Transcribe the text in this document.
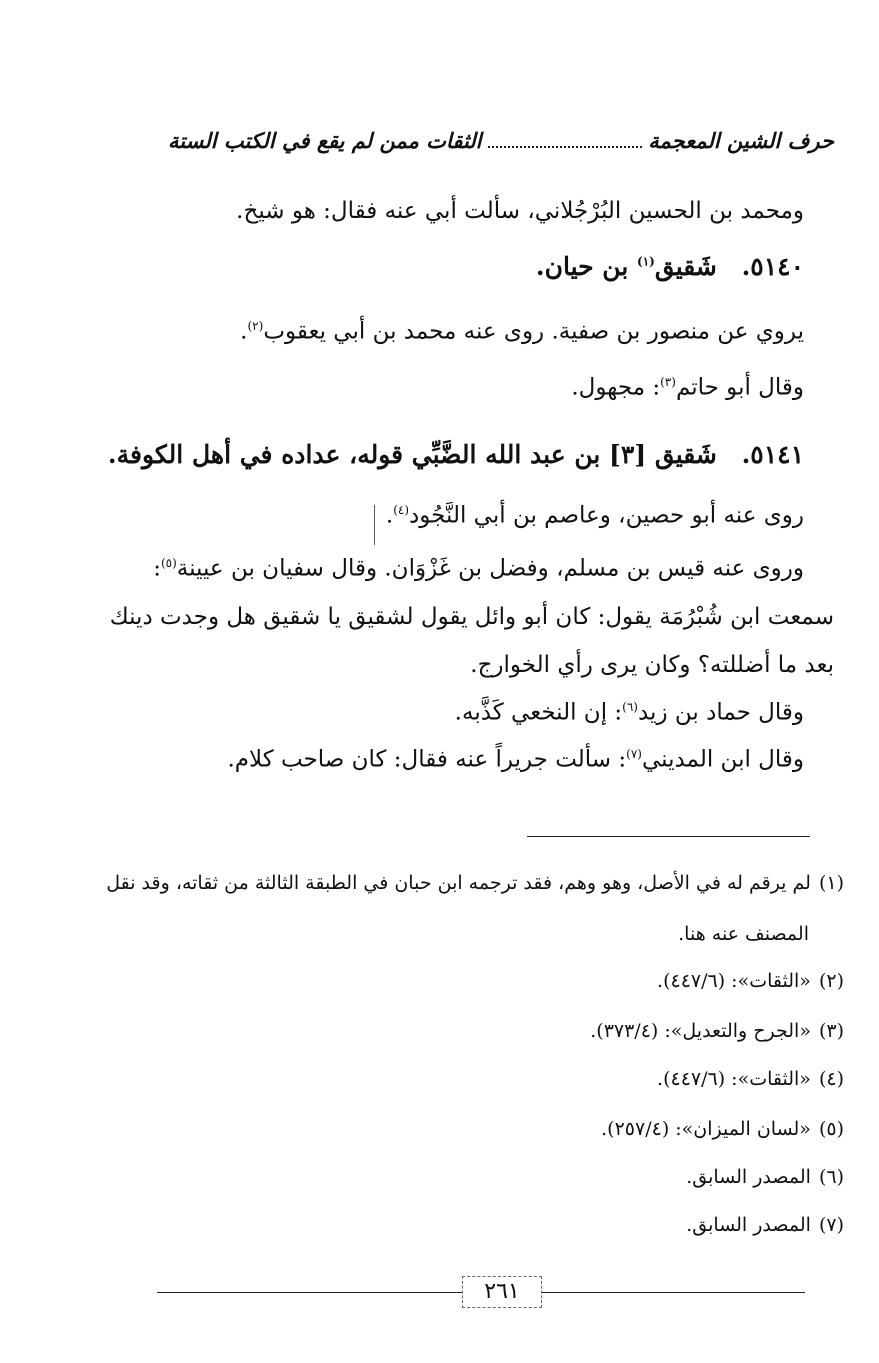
حرف الشين المعجمة
الثقات ممن لم يقع في الكتب الستة
ومحمد بن الحسين البُرْجُلاني، سألت أبي عنه فقال: هو شيخ.
٥١٤٠. شَقيق$^{(١)}$ بن حيان.
يروي عن منصور بن صفية. روى عنه محمد بن أبي يعقوب$^{(٢)}$.
وقال أبو حاتم$^{(٣)}$: مجهول.
٥١٤١. شَقيق [٣] بن عبد الله الضَّبِّي قوله، عداده في أهل الكوفة.
روى عنه أبو حصين، وعاصم بن أبي النَّجُود$^{(٤)}$.
وروى عنه قيس بن مسلم، وفضل بن غَزْوَان. وقال سفيان بن عيينة$^{(٥)}$:
سمعت ابن شُبْرُمَة يقول: كان أبو وائل يقول لشقيق يا شقيق هل وجدت دينك
بعد ما أضللته؟ وكان يرى رأي الخوارج.
وقال حماد بن زيد$^{(٦)}$: إن النخعي كَذَّبه.
وقال ابن المديني$^{(٧)}$: سألت جريراً عنه فقال: كان صاحب كلام.
(١)لم يرقم له في الأصل، وهو وهم، فقد ترجمه ابن حبان في الطبقة الثالثة من ثقاته، وقد نقل
المصنف عنه هنا.
(٢)«الثقات»: (٤٤٧/٦).
(٣)«الجرح والتعديل»: (٣٧٣/٤).
(٤)«الثقات»: (٤٤٧/٦).
(٥)«لسان الميزان»: (٢٥٧/٤).
(٦)المصدر السابق.
(٧)المصدر السابق.
٢٦١
